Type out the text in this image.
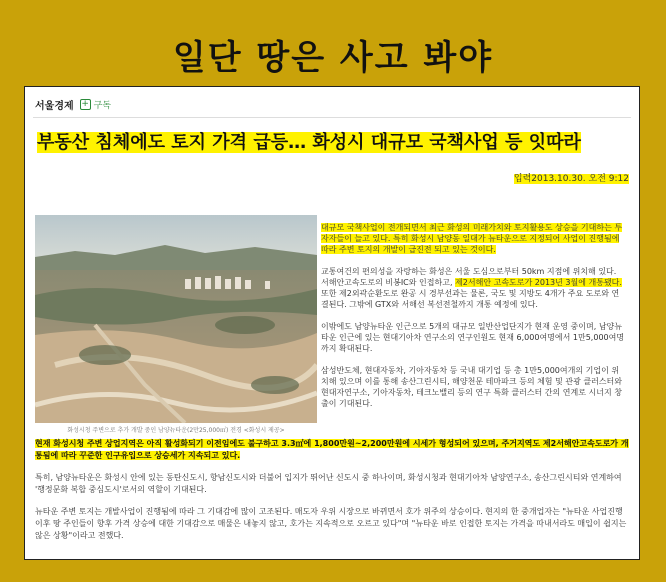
일단 땅은 사고 봐야
서울경제 + 구독
부동산 침체에도 토지 가격 급등… 화성시 대규모 국책사업 등 잇따라
입력2013.10.30. 오전 9:12
화성시청 주변으로 추가 개발 중인 남양뉴타운(2만25,000㎡) 전경 <화성시 제공>

대규모 국책사업이 전개되면서 최근 화성의 미래가치와 토지활용도 상승을 기대하는 투자자들이 늘고 있다. 특히 화성시 남양동 일대가 뉴타운으로 지정되어 사업이 진행됨에 따라 주변 토지의 개발이 급진전 되고 있는 것이다.

교통여건의 편의성을 자랑하는 화성은 서울 도심으로부터 50km 지점에 위치해 있다. 서해안고속도로의 비봉IC와 인접하고, 제2서해안 고속도로가 2013년 3월에 개통됐다. 또한 제2외곽순환도로 완공 시 경부선과는 물론, 국도 및 지방도 4개가 주요 도로와 연결된다. 그밖에 GTX와 서해선 복선전철까지 개통 예정에 있다.

이밖에도 남양뉴타운 인근으로 5개의 대규모 일반산업단지가 현재 운영 중이며, 남양뉴타운 인근에 있는 현대기아차 연구소의 연구인원도 현재 6,000여명에서 1만5,000여명까지 확대된다.

삼성반도체, 현대자동차, 기아자동차 등 국내 대기업 등 총 1만5,000여개의 기업이 위치해 있으며 이를 통해 송산그린시티, 해양천문 테마파크 등의 체험 및 관광 클러스터와 현대자연구소, 기아자동차, 테크노밸리 등의 연구 특화 클러스터 간의 연계로 시너지 창출이 기대된다.

현재 화성시청 주변 상업지역은 아직 활성화되기 이전임에도 불구하고 3.3㎡에 1,800만원~2,200만원에 시세가 형성되어 있으며, 주거지역도 제2서해안고속도로가 개통됨에 따라 꾸준한 인구유입으로 상승세가 지속되고 있다.

특히, 남양뉴타운은 화성시 안에 있는 동탄신도시, 향남신도시와 더불어 입지가 뛰어난 신도시 중 하나이며, 화성시청과 현대기아차 남양연구소, 송산그린시티와 연계하여 '행정문화 복합 중심도시'로서의 역할이 기대된다.

뉴타운 주변 토지는 개발사업이 진행됨에 따라 그 기대감에 많이 고조된다. 매도자 우위 시장으로 바뀌면서 호가 위주의 상승이다. 현지의 한 중개업자는 "뉴타운 사업진행 이후 땅 주인들이 향후 가격 상승에 대한 기대감으로 매물은 내놓지 않고, 호가는 지속적으로 오르고 있다"며 "뉴타운 바로 인접한 토지는 가격을 따내서라도 매입이 쉽지는 않은 상황"이라고 전했다.
